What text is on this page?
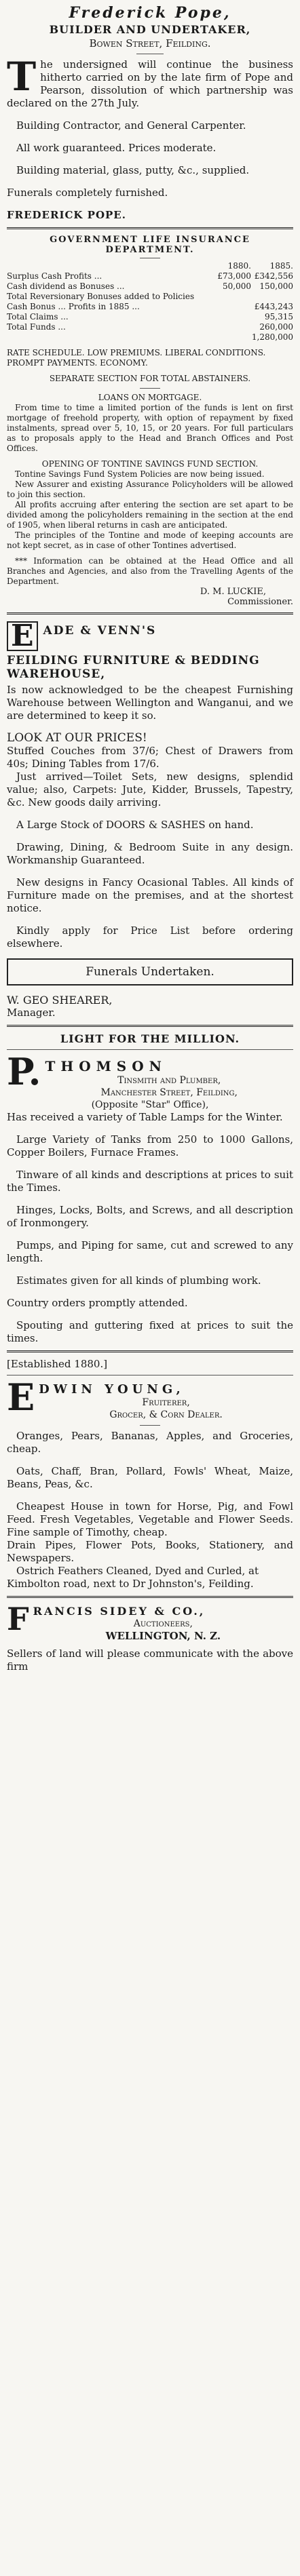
Frederick Pope,
BUILDER AND UNDERTAKER,
Bowen Street, Feilding.

The undersigned will continue the business hitherto carried on by the late firm of Pope and Pearson, dissolution of which partnership was declared on the 27th July.

Building Contractor, and General Carpenter.

All work guaranteed. Prices moderate.

Building material, glass, putty, &c., supplied.

Funerals completely furnished.

FREDERICK POPE.

GOVERNMENT LIFE INSURANCE
DEPARTMENT.
	1880.	1885.
Surplus Cash Profits ...	£73,000	£342,556
Cash dividend as Bonuses ...	50,000	150,000
Total Reversionary Bonuses added to Policies		
Cash Bonus ... Profits in 1885 ...		£443,243
Total Claims ...		95,315
Total Funds ...		260,000
		1,280,000

RATE SCHEDULE. LOW PREMIUMS. LIBERAL CONDITIONS. PROMPT PAYMENTS. ECONOMY.

SEPARATE SECTION FOR TOTAL ABSTAINERS.

LOANS ON MORTGAGE.

From time to time a limited portion of the funds is lent on first mortgage of freehold property, with option of repayment by fixed instalments, spread over 5, 10, 15, or 20 years. For full particulars as to proposals apply to the Head and Branch Offices and Post Offices.

OPENING OF TONTINE SAVINGS FUND SECTION.

Tontine Savings Fund System Policies are now being issued.

New Assurer and existing Assurance Policyholders will be allowed to join this section.

All profits accruing after entering the section are set apart to be divided among the policyholders remaining in the section at the end of 1905, when liberal returns in cash are anticipated.

The principles of the Tontine and mode of keeping accounts are not kept secret, as in case of other Tontines advertised.

*** Information can be obtained at the Head Office and all Branches and Agencies, and also from the Travelling Agents of the Department.

D. M. LUCKIE,

Commissioner.

E ADE & VENN'S
FEILDING FURNITURE & BEDDING WAREHOUSE,

Is now acknowledged to be the cheapest Furnishing Warehouse between Wellington and Wanganui, and we are determined to keep it so.

LOOK AT OUR PRICES!

Stuffed Couches from 37/6; Chest of Drawers from 40s; Dining Tables from 17/6.

Just arrived—Toilet Sets, new designs, splendid value; also, Carpets: Jute, Kidder, Brussels, Tapestry, &c. New goods daily arriving.

A Large Stock of DOORS & SASHES on hand.

Drawing, Dining, & Bedroom Suite in any design. Workmanship Guaranteed.

New designs in Fancy Ocasional Tables. All kinds of Furniture made on the premises, and at the shortest notice.

Kindly apply for Price List before ordering elsewhere.

Funerals Undertaken.

W. GEO SHEARER,

Manager.

LIGHT FOR THE MILLION.
P. THOMSON
Tinsmith and Plumber,
Manchester Street, Feilding,
(Opposite "Star" Office),

Has received a variety of Table Lamps for the Winter.

Large Variety of Tanks from 250 to 1000 Gallons, Copper Boilers, Furnace Frames.

Tinware of all kinds and descriptions at prices to suit the Times.

Hinges, Locks, Bolts, and Screws, and all description of Ironmongery.

Pumps, and Piping for same, cut and screwed to any length.

Estimates given for all kinds of plumbing work.

Country orders promptly attended.

Spouting and guttering fixed at prices to suit the times.

[Established 1880.]

E DWIN YOUNG,
Fruiterer,
Grocer, & Corn Dealer.

Oranges, Pears, Bananas, Apples, and Groceries, cheap.

Oats, Chaff, Bran, Pollard, Fowls' Wheat, Maize, Beans, Peas, &c.

Cheapest House in town for Horse, Pig, and Fowl Feed. Fresh Vegetables, Vegetable and Flower Seeds. Fine sample of Timothy, cheap.

Drain Pipes, Flower Pots, Books, Stationery, and Newspapers.

Ostrich Feathers Cleaned, Dyed and Curled, at

Kimbolton road, next to Dr Johnston's, Feilding.

F RANCIS SIDEY & CO.,
Auctioneers,
WELLINGTON, N. Z.

Sellers of land will please communicate with the above firm
